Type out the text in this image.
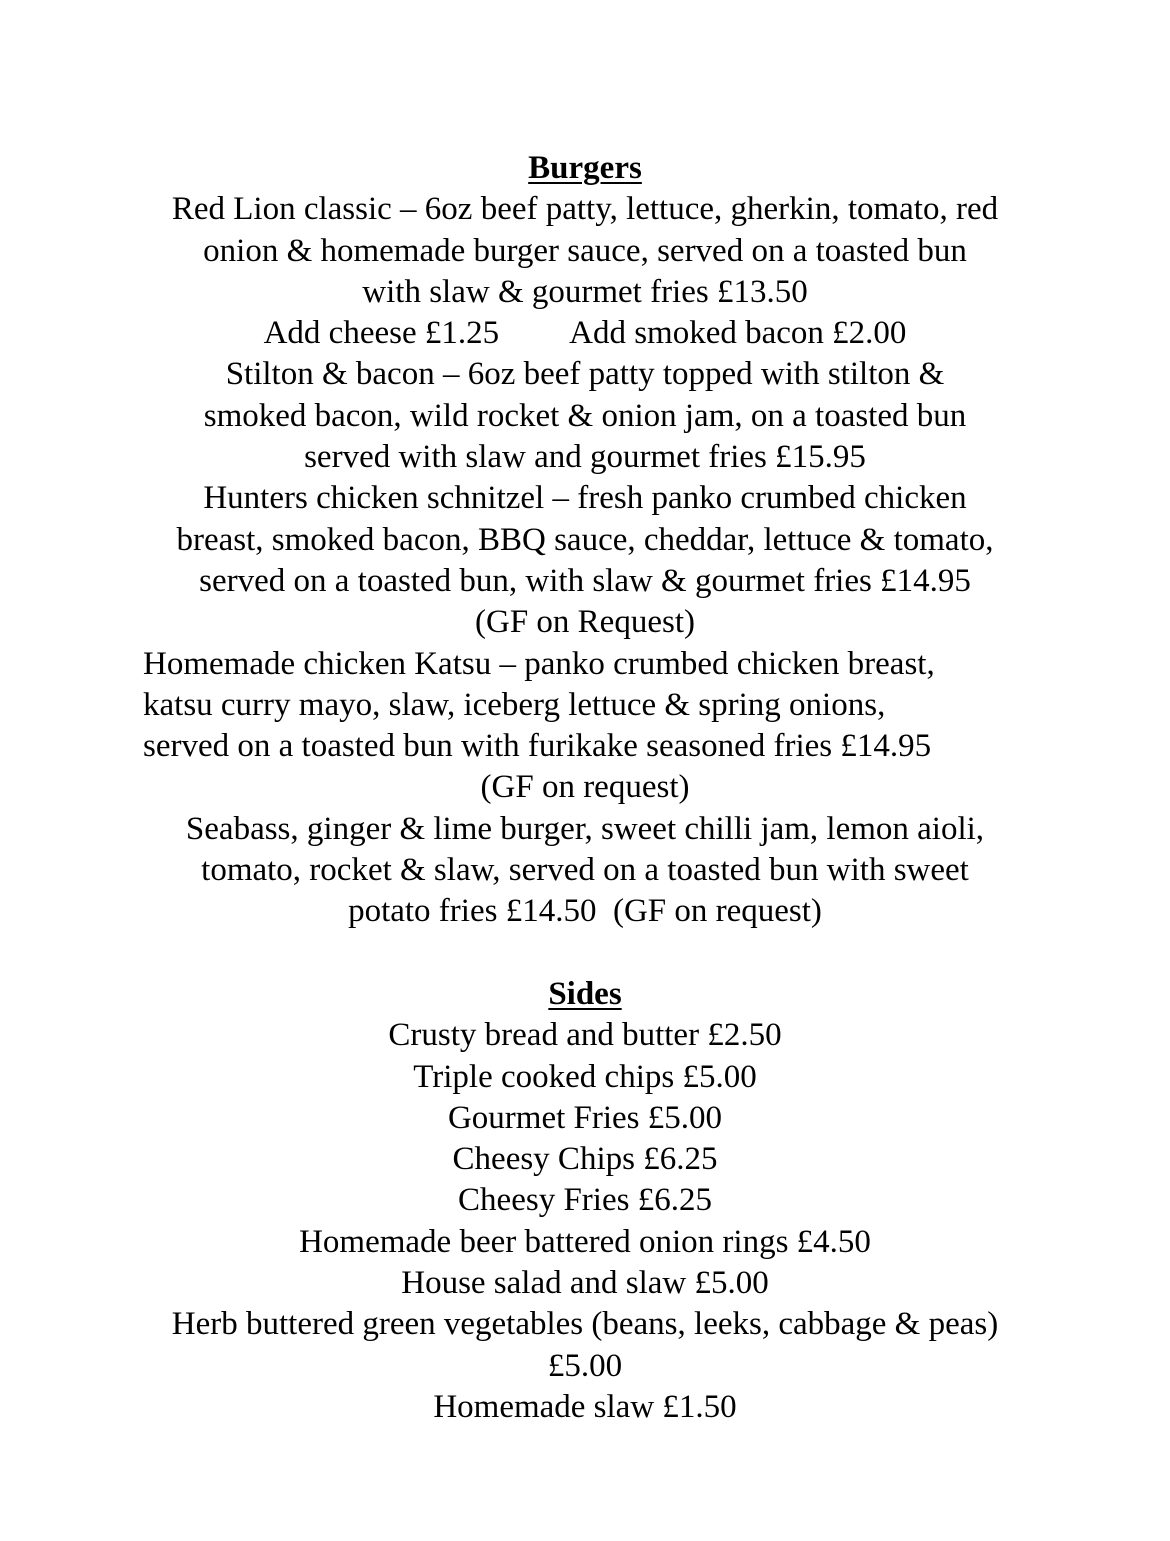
Burgers
Red Lion classic – 6oz beef patty, lettuce, gherkin, tomato, red
onion & homemade burger sauce, served on a toasted bun
with slaw & gourmet fries £13.50
Add cheese £1.25 Add smoked bacon £2.00
Stilton & bacon – 6oz beef patty topped with stilton &
smoked bacon, wild rocket & onion jam, on a toasted bun
served with slaw and gourmet fries £15.95
Hunters chicken schnitzel – fresh panko crumbed chicken
breast, smoked bacon, BBQ sauce, cheddar, lettuce & tomato,
served on a toasted bun, with slaw & gourmet fries £14.95
(GF on Request)
Homemade chicken Katsu – panko crumbed chicken breast,
katsu curry mayo, slaw, iceberg lettuce & spring onions,
served on a toasted bun with furikake seasoned fries £14.95
(GF on request)
Seabass, ginger & lime burger, sweet chilli jam, lemon aioli,
tomato, rocket & slaw, served on a toasted bun with sweet
potato fries £14.50  (GF on request)
Sides
Crusty bread and butter £2.50
Triple cooked chips £5.00
Gourmet Fries £5.00
Cheesy Chips £6.25
Cheesy Fries £6.25
Homemade beer battered onion rings £4.50
House salad and slaw £5.00
Herb buttered green vegetables (beans, leeks, cabbage & peas)
£5.00
Homemade slaw £1.50
